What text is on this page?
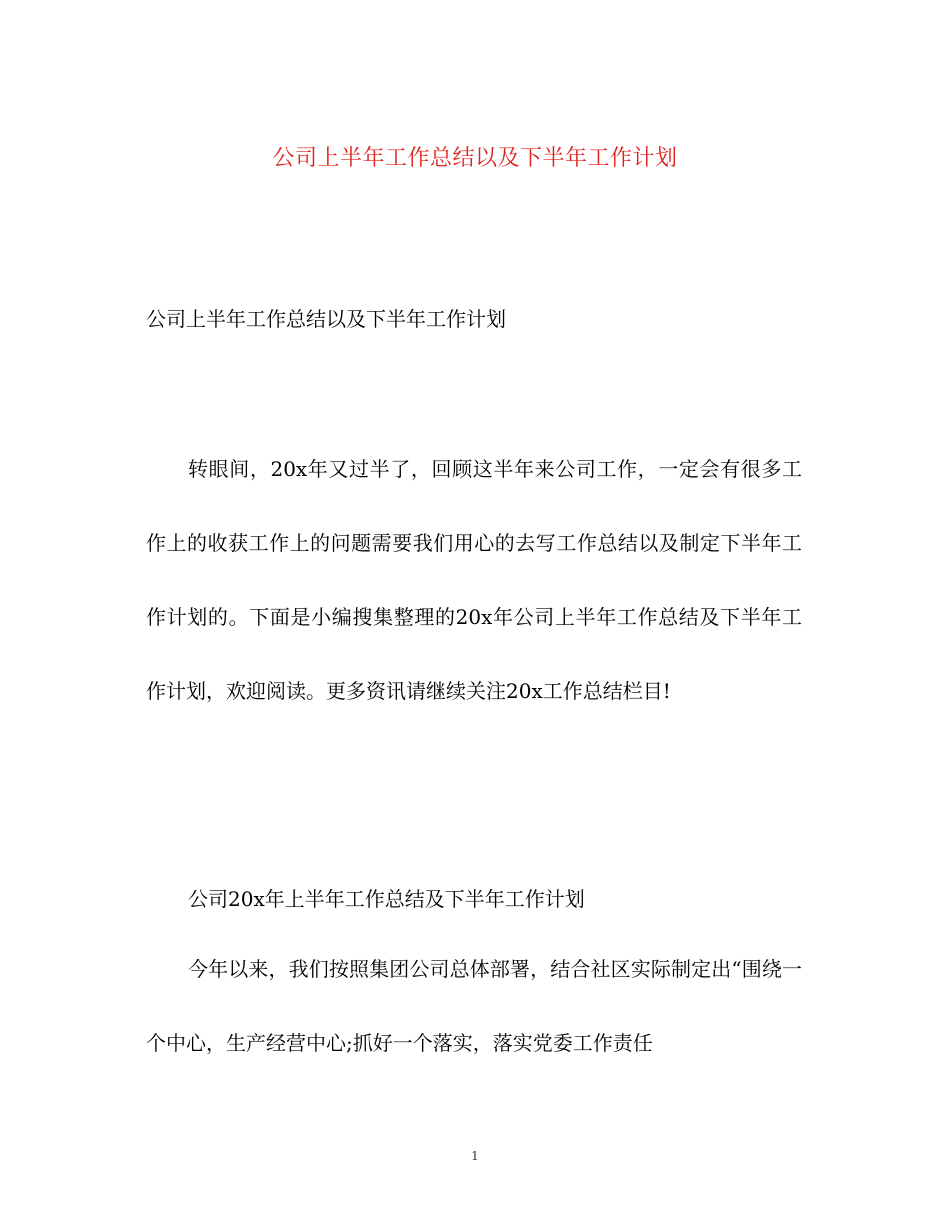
公司上半年工作总结以及下半年工作计划
公司上半年工作总结以及下半年工作计划

转眼间，20x年又过半了，回顾这半年来公司工作，一定会有很多工作上的收获工作上的问题需要我们用心的去写工作总结以及制定下半年工作计划的。下面是小编搜集整理的20x年公司上半年工作总结及下半年工作计划，欢迎阅读。更多资讯请继续关注20x工作总结栏目!

公司20x年上半年工作总结及下半年工作计划

今年以来，我们按照集团公司总体部署，结合社区实际制定出“围绕一个中心，生产经营中心;抓好一个落实，落实党委工作责任

1
